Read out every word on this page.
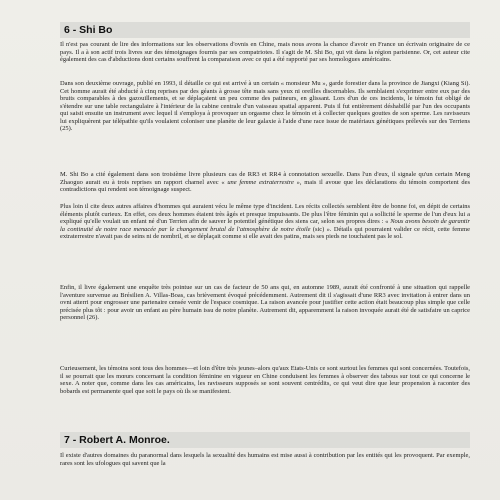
6 - Shi Bo

Il n'est pas courant de lire des informations sur les observations d'ovnis en Chine, mais nous avons la chance d'avoir en France un écrivain originaire de ce pays. Il a à son actif trois livres sur des témoignages fournis par ses compatriotes. Il s'agit de M. Shi Bo, qui vit dans la région parisienne. Or, cet auteur cite également des cas d'abductions dont certains souffrent la comparaison avec ce qui a été rapporté par ses homologues américains.

Dans son deuxième ouvrage, publié en 1993, il détaille ce qui est arrivé à un certain « monsieur Mu », garde forestier dans la province de Jiangxi (Kiang Si). Cet homme aurait été abducté à cinq reprises par des géants à grosse tête mais sans yeux ni oreilles discernables. Ils semblaient s'exprimer entre eux par des bruits comparables à des gazouillements, et se déplaçaient un peu comme des patineurs, en glissant. Lors d'un de ces incidents, le témoin fut obligé de s'étendre sur une table rectangulaire à l'intérieur de la cabine centrale d'un vaisseau spatial apparent. Puis il fut entièrement déshabillé par l'un des occupants qui saisit ensuite un instrument avec lequel il s'employa à provoquer un orgasme chez le témoin et à collecter quelques gouttes de son sperme. Les ravisseurs lui expliquèrent par télépathie qu'ils voulaient coloniser une planète de leur galaxie à l'aide d'une race issue de matériaux génétiques prélevés sur des Terriens (25).

M. Shi Bo a cité également dans son troisième livre plusieurs cas de RR3 et RR4 à connotation sexuelle. Dans l'un d'eux, il signale qu'un certain Meng Zhaoguo aurait eu à trois reprises un rapport charnel avec « une femme extraterrestre », mais il avoue que les déclarations du témoin comportent des contradictions qui rendent son témoignage suspect.

Plus loin il cite deux autres affaires d'hommes qui auraient vécu le même type d'incident. Les récits collectés semblent être de bonne foi, en dépit de certains éléments plutôt curieux. En effet, ces deux hommes étaient très âgés et presque impuissants. De plus l'être féminin qui a sollicité le sperme de l'un d'eux lui a expliqué qu'elle voulait un enfant né d'un Terrien afin de sauver le potentiel génétique des siens car, selon ses propres dires : « Nous avons besoin de garantir la continuité de notre race menacée par le changement brutal de l'atmosphère de notre étoile (sic) ». Détails qui pourraient valider ce récit, cette femme extraterrestre n'avait pas de seins ni de nombril, et se déplaçait comme si elle avait des patins, mais ses pieds ne touchaient pas le sol.

Enfin, il livre également une enquête très pointue sur un cas de facteur de 50 ans qui, en automne 1989, aurait été confronté à une situation qui rappelle l'aventure survenue au Brésilien A. Villas-Boas, cas brièvement évoqué précédemment. Autrement dit il s'agissait d'une RR3 avec invitation à entrer dans un ovni atterri pour engrosser une partenaire censée venir de l'espace cosmique. La raison avancée pour justifier cette action était beaucoup plus simple que celle précisée plus tôt : pour avoir un enfant au père humain issu de notre planète. Autrement dit, apparemment la raison invoquée aurait été de satisfaire un caprice personnel (26).

Curieusement, les témoins sont tous des hommes—et loin d'être très jeunes–alors qu'aux Etats-Unis ce sont surtout les femmes qui sont concernées. Toutefois, il se pourrait que les mœurs concernant la condition féminine en vigueur en Chine conduisent les femmes à observer des tabous sur tout ce qui concerne le sexe. A noter que, comme dans les cas américains, les ravisseurs supposés se sont souvent centrédits, ce qui veut dire que leur propension à raconter des bobards est permanente quel que soit le pays où ils se manifestent.

7 - Robert A. Monroe.

Il existe d'autres domaines du paranormal dans lesquels la sexualité des humains est mise aussi à contribution par les entités qui les provoquent. Par exemple, rares sont les ufologues qui savent que la
